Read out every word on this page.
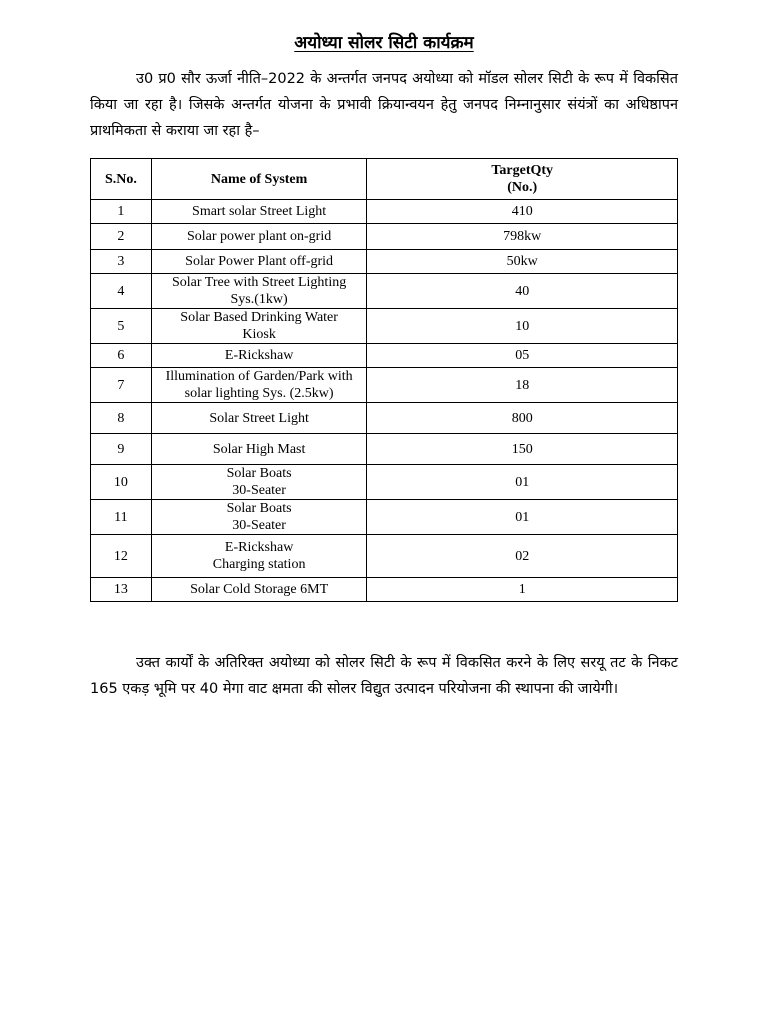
अयोध्या सोलर सिटी कार्यक्रम

उ0 प्र0 सौर ऊर्जा नीति–2022 के अन्तर्गत जनपद अयोध्या को मॉडल सोलर सिटी के रूप में विकसित किया जा रहा है। जिसके अन्तर्गत योजना के प्रभावी क्रियान्वयन हेतु जनपद निम्नानुसार संयंत्रों का अधिष्ठापन प्राथमिकता से कराया जा रहा है–

S.No.	Name of System	TargetQty
(No.)

1	Smart solar Street Light	410
2	Solar power plant on-grid	798kw
3	Solar Power Plant off-grid	50kw
4	Solar Tree with Street Lighting
Sys.(1kw)	40
5	Solar Based Drinking Water
Kiosk	10
6	E-Rickshaw	05
7	Illumination of Garden/Park with
solar lighting Sys. (2.5kw)	18
8	Solar Street Light	800
9	Solar High Mast	150
10	Solar Boats
30-Seater	01
11	Solar Boats
30-Seater	01
12	E-Rickshaw
Charging station	02
13	Solar Cold Storage 6MT	1

उक्त कार्यों के अतिरिक्त अयोध्या को सोलर सिटी के रूप में विकसित करने के लिए सरयू तट के निकट 165 एकड़ भूमि पर 40 मेगा वाट क्षमता की सोलर विद्युत उत्पादन परियोजना की स्थापना की जायेगी।
